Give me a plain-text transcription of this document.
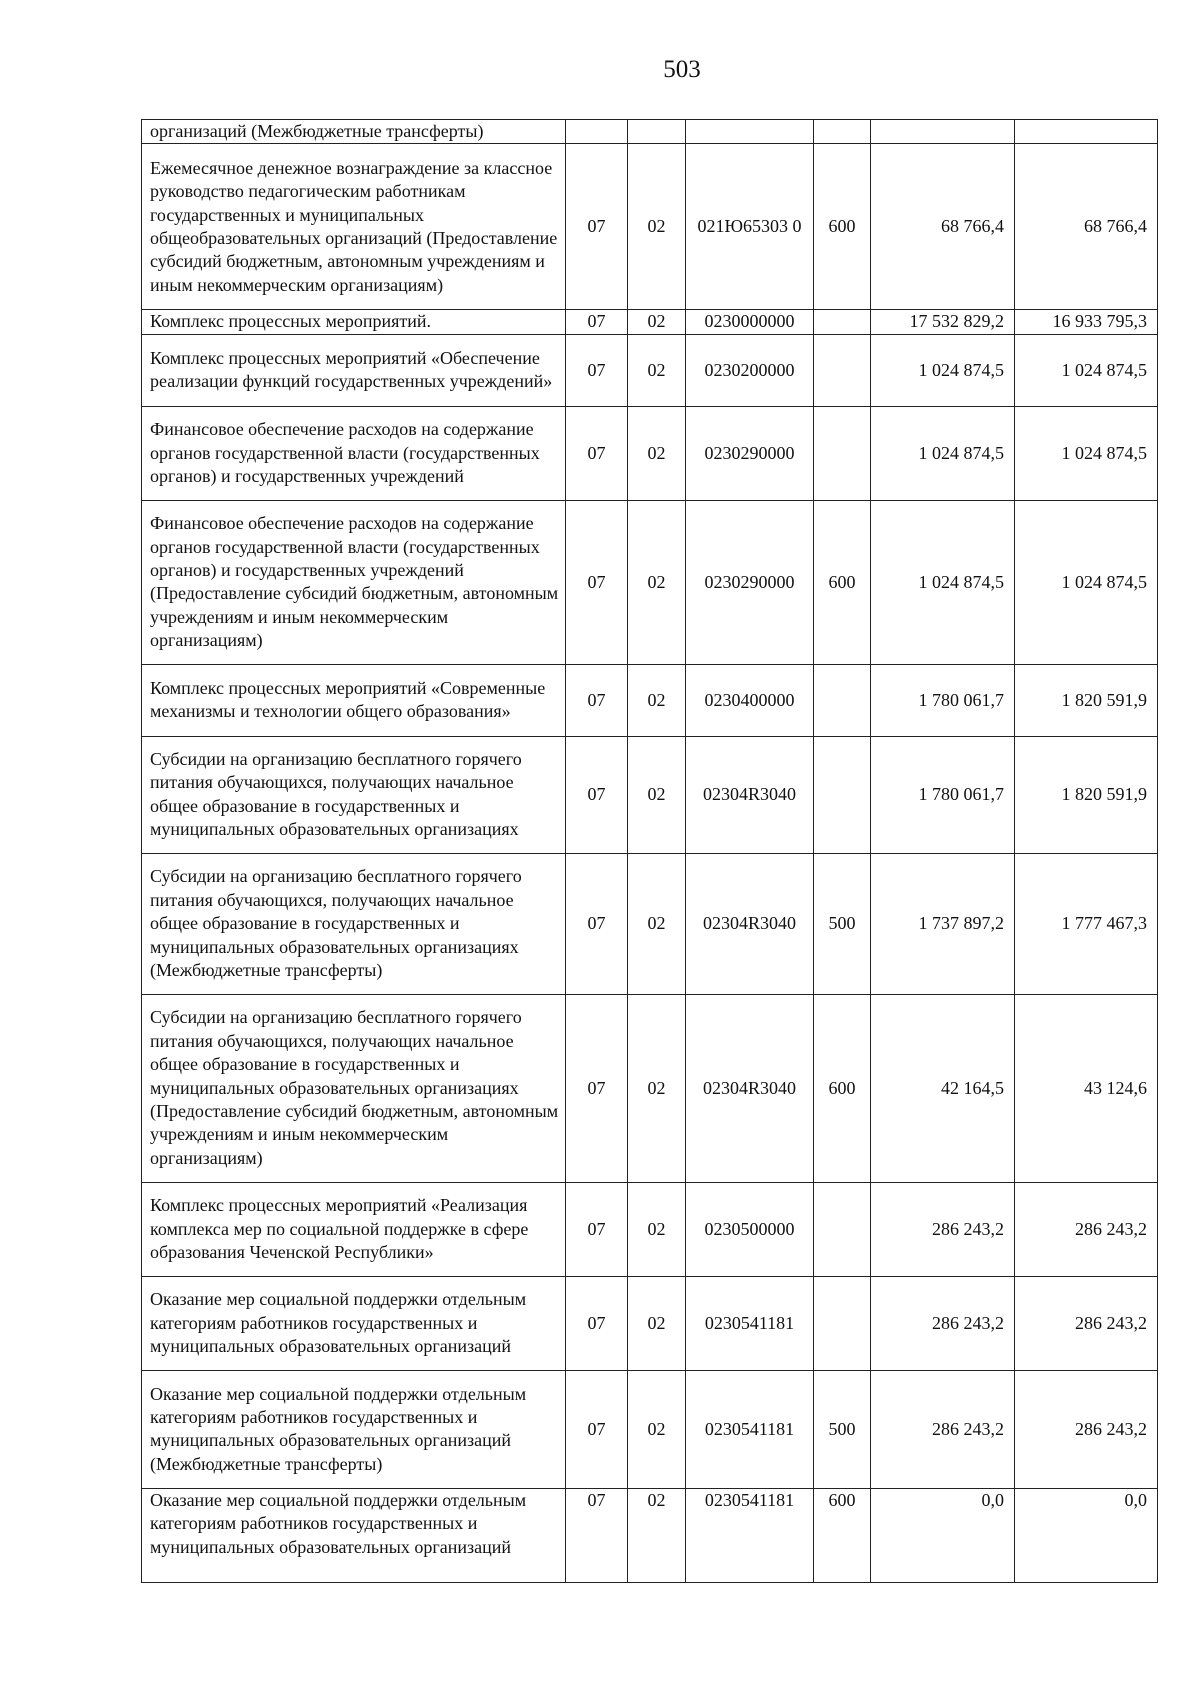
503
организаций (Межбюджетные трансферты)						
Ежемесячное денежное вознаграждение за классное руководство педагогическим работникам государственных и муниципальных общеобразовательных организаций (Предоставление субсидий бюджетным, автономным учреждениям и иным некоммерческим организациям)	07	02	021Ю65303 0	600	68 766,4	68 766,4
Комплекс процессных мероприятий.	07	02	0230000000		17 532 829,2	16 933 795,3
Комплекс процессных мероприятий «Обеспечение реализации функций государственных учреждений»	07	02	0230200000		1 024 874,5	1 024 874,5
Финансовое обеспечение расходов на содержание органов государственной власти (государственных органов) и государственных учреждений	07	02	0230290000		1 024 874,5	1 024 874,5
Финансовое обеспечение расходов на содержание органов государственной власти (государственных органов) и государственных учреждений (Предоставление субсидий бюджетным, автономным учреждениям и иным некоммерческим организациям)	07	02	0230290000	600	1 024 874,5	1 024 874,5
Комплекс процессных мероприятий «Современные механизмы и технологии общего образования»	07	02	0230400000		1 780 061,7	1 820 591,9
Субсидии на организацию бесплатного горячего питания обучающихся, получающих начальное общее образование в государственных и муниципальных образовательных организациях	07	02	02304R3040		1 780 061,7	1 820 591,9
Субсидии на организацию бесплатного горячего питания обучающихся, получающих начальное общее образование в государственных и муниципальных образовательных организациях (Межбюджетные трансферты)	07	02	02304R3040	500	1 737 897,2	1 777 467,3
Субсидии на организацию бесплатного горячего питания обучающихся, получающих начальное общее образование в государственных и муниципальных образовательных организациях (Предоставление субсидий бюджетным, автономным учреждениям и иным некоммерческим организациям)	07	02	02304R3040	600	42 164,5	43 124,6
Комплекс процессных мероприятий «Реализация комплекса мер по социальной поддержке в сфере образования Чеченской Республики»	07	02	0230500000		286 243,2	286 243,2
Оказание мер социальной поддержки отдельным категориям работников государственных и муниципальных образовательных организаций	07	02	0230541181		286 243,2	286 243,2
Оказание мер социальной поддержки отдельным категориям работников государственных и муниципальных образовательных организаций (Межбюджетные трансферты)	07	02	0230541181	500	286 243,2	286 243,2
Оказание мер социальной поддержки отдельным категориям работников государственных и муниципальных образовательных организаций	07	02	0230541181	600	0,0	0,0
